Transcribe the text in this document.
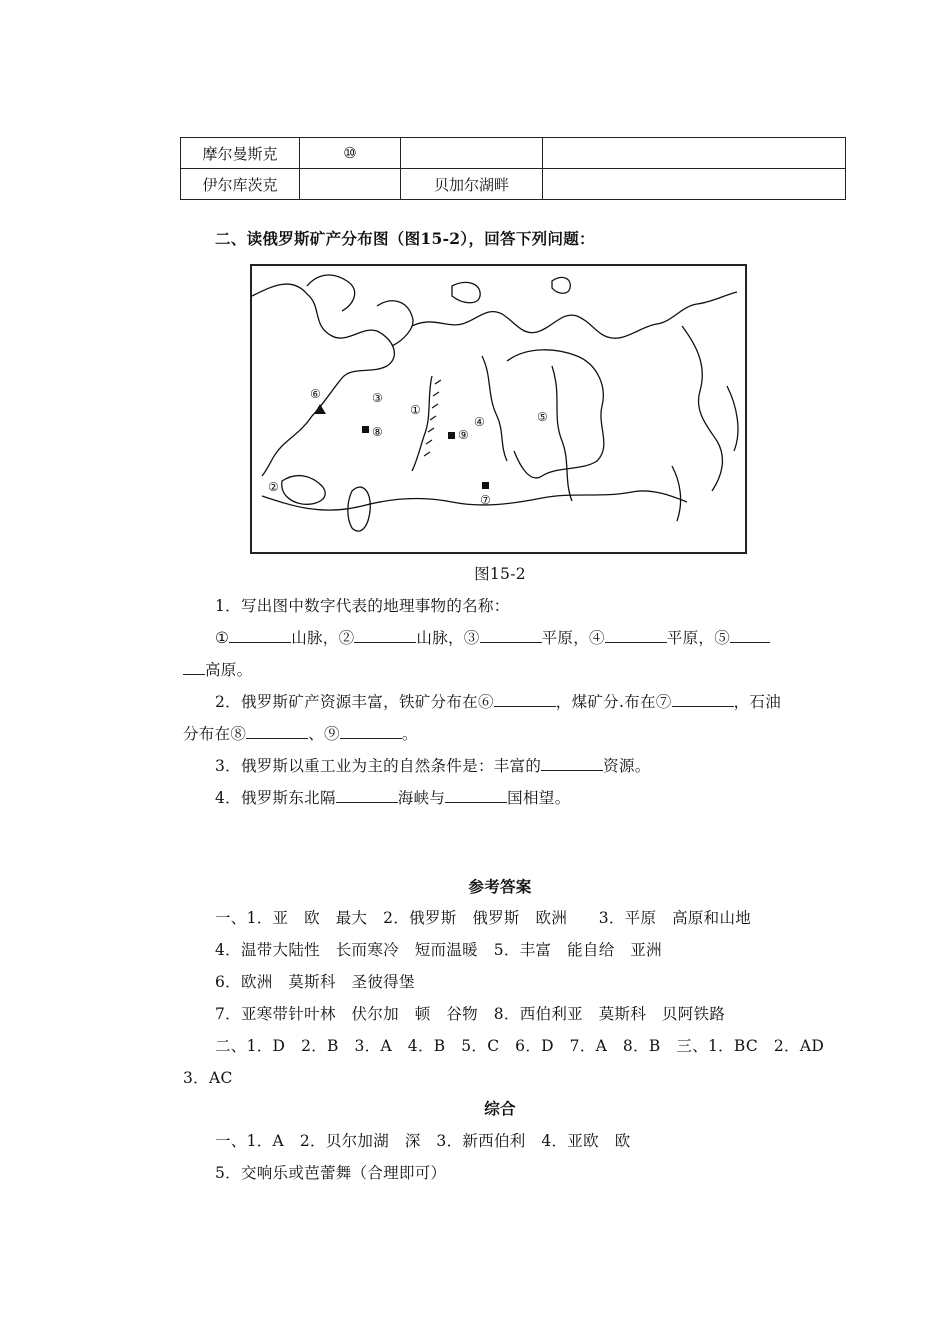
摩尔曼斯克	⑩		
伊尔库茨克		贝加尔湖畔	
二、读俄罗斯矿产分布图（图15-2），回答下列问题：
①
②
③
④	⑤
⑥
⑦
⑧	⑨
图15-2
1．写出图中数字代表的地理事物的名称：
①	山脉，②	山脉，③	平原，④	平原，⑤
高原。
2．俄罗斯矿产资源丰富，铁矿分布在⑥	，煤矿分.布在⑦	，石油
分布在⑧	、⑨	。
3．俄罗斯以重工业为主的自然条件是：丰富的	资源。
4．俄罗斯东北隔	海峡与	国相望。
参考答案
一、1．亚　欧　最大　2．俄罗斯　俄罗斯　欧洲　　3．平原　高原和山地
4．温带大陆性　长而寒冷　短而温暖　5．丰富　能自给　亚洲
6．欧洲　莫斯科　圣彼得堡
7．亚寒带针叶林　伏尔加　顿　谷物　8．西伯利亚　莫斯科　贝阿铁路
二、1．D　2．B　3．A　4．B　5．C　6．D　7．A　8．B　三、1．BC　2．AD
3．AC
综合
一、1．A　2．贝尔加湖　深　3．新西伯利　4．亚欧　欧
5．交响乐或芭蕾舞（合理即可）
